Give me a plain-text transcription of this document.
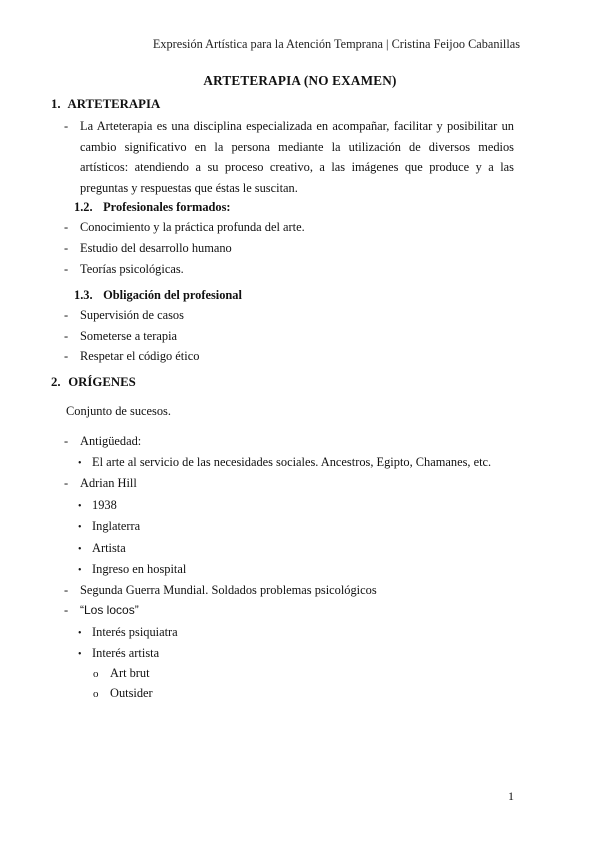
Expresión Artística para la Atención Temprana | Cristina Feijoo Cabanillas
ARTETERAPIA (NO EXAMEN)
1. ARTETERAPIA
- La Arteterapia es una disciplina especializada en acompañar, facilitar y posibilitar un cambio significativo en la persona mediante la utilización de diversos medios artísticos: atendiendo a su proceso creativo, a las imágenes que produce y a las preguntas y respuestas que éstas le suscitan.
1.2. Profesionales formados:
- Conocimiento y la práctica profunda del arte.
- Estudio del desarrollo humano
- Teorías psicológicas.
1.3. Obligación del profesional
- Supervisión de casos
- Someterse a terapia
- Respetar el código ético
2. ORÍGENES
Conjunto de sucesos.
- Antigüedad:
• El arte al servicio de las necesidades sociales. Ancestros, Egipto, Chamanes, etc.
- Adrian Hill
• 1938
• Inglaterra
• Artista
• Ingreso en hospital
- Segunda Guerra Mundial. Soldados problemas psicológicos
- “Los locos”
• Interés psiquiatra
• Interés artista
o Art brut
o Outsider
1
